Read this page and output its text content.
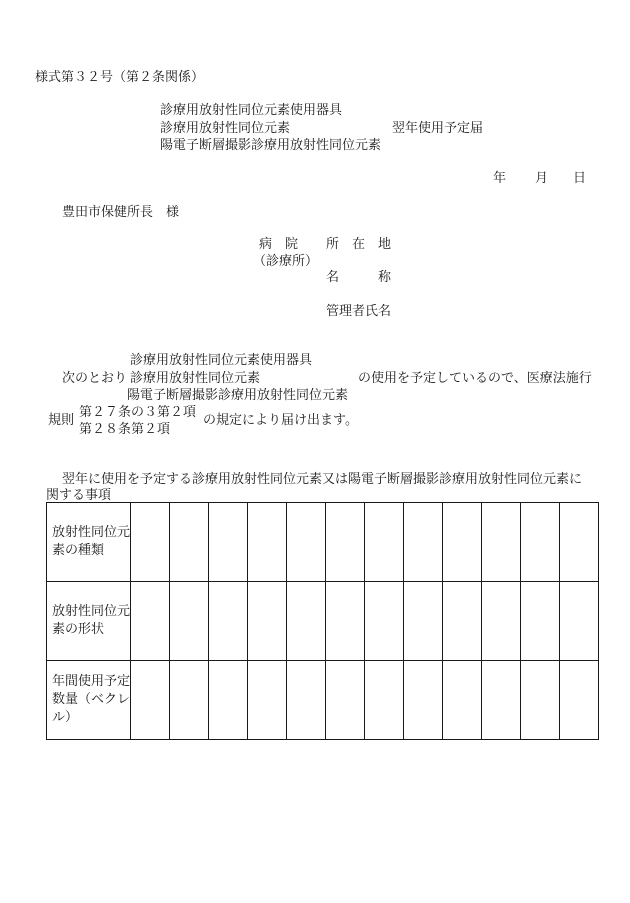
様式第３２号（第２条関係）
診療用放射性同位元素使用器具
診療用放射性同位元素
陽電子断層撮影診療用放射性同位元素
翌年使用予定届
年 月 日
豊田市保健所長　様
病　院
（診療所）
所　在　地
名　　　称
管理者氏名
診療用放射性同位元素使用器具
次のとおり 診療用放射性同位元素	の使用を予定しているので、医療法施行
陽電子断層撮影診療用放射性同位元素
規則
第２７条の３第２項
第２８条第２項
の規定により届け出ます。
翌年に使用を予定する診療用放射性同位元素又は陽電子断層撮影診療用放射性同位元素に
関する事項
放射性同位元素の種類												
放射性同位元素の形状												
年間使用予定数量（ベクレル）												
